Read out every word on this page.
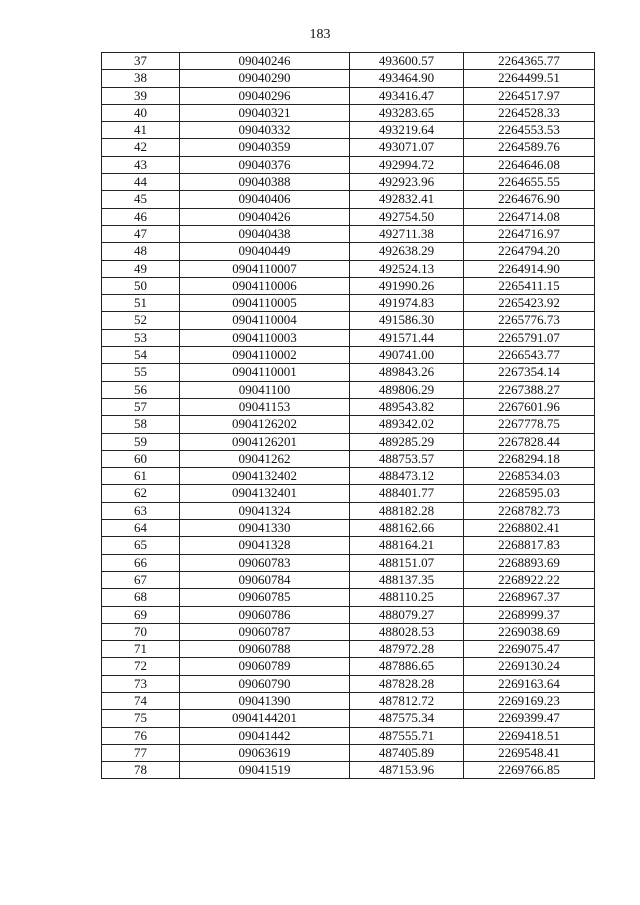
183
37	09040246	493600.57	2264365.77
38	09040290	493464.90	2264499.51
39	09040296	493416.47	2264517.97
40	09040321	493283.65	2264528.33
41	09040332	493219.64	2264553.53
42	09040359	493071.07	2264589.76
43	09040376	492994.72	2264646.08
44	09040388	492923.96	2264655.55
45	09040406	492832.41	2264676.90
46	09040426	492754.50	2264714.08
47	09040438	492711.38	2264716.97
48	09040449	492638.29	2264794.20
49	0904110007	492524.13	2264914.90
50	0904110006	491990.26	2265411.15
51	0904110005	491974.83	2265423.92
52	0904110004	491586.30	2265776.73
53	0904110003	491571.44	2265791.07
54	0904110002	490741.00	2266543.77
55	0904110001	489843.26	2267354.14
56	09041100	489806.29	2267388.27
57	09041153	489543.82	2267601.96
58	0904126202	489342.02	2267778.75
59	0904126201	489285.29	2267828.44
60	09041262	488753.57	2268294.18
61	0904132402	488473.12	2268534.03
62	0904132401	488401.77	2268595.03
63	09041324	488182.28	2268782.73
64	09041330	488162.66	2268802.41
65	09041328	488164.21	2268817.83
66	09060783	488151.07	2268893.69
67	09060784	488137.35	2268922.22
68	09060785	488110.25	2268967.37
69	09060786	488079.27	2268999.37
70	09060787	488028.53	2269038.69
71	09060788	487972.28	2269075.47
72	09060789	487886.65	2269130.24
73	09060790	487828.28	2269163.64
74	09041390	487812.72	2269169.23
75	0904144201	487575.34	2269399.47
76	09041442	487555.71	2269418.51
77	09063619	487405.89	2269548.41
78	09041519	487153.96	2269766.85
